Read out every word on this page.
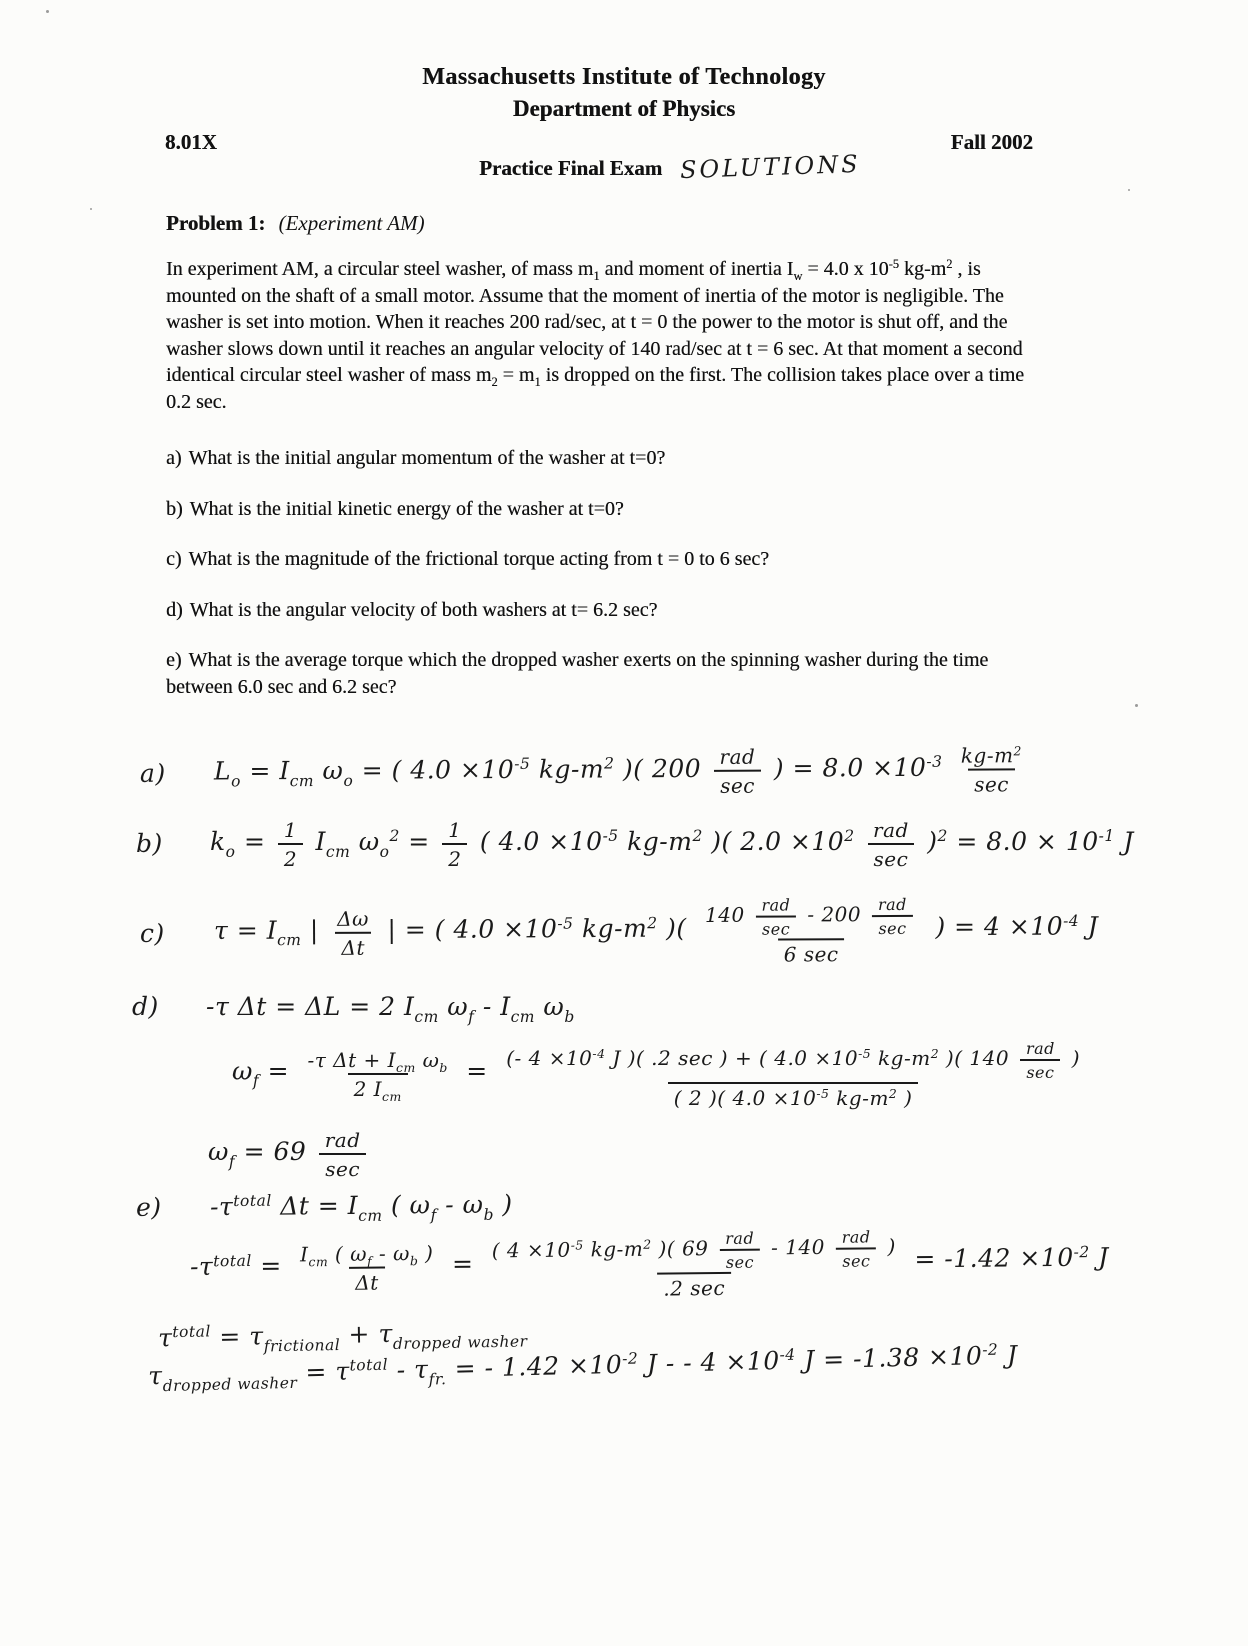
Massachusetts Institute of Technology
Department of Physics
8.01X	Fall 2002
Practice Final Exam SOLUTIONS
Problem 1: (Experiment AM)

In experiment AM, a circular steel washer, of mass $m_1$ and moment of inertia $I_w = 4.0$ x $10^{-5}$ $kg-m^2$ , is mounted on the shaft of a small motor. Assume that the moment of inertia of the motor is negligible. The washer is set into motion. When it reaches 200 rad/sec, at t = 0 the power to the motor is shut off, and the washer slows down until it reaches an angular velocity of 140 rad/sec at t = 6 sec. At that moment a second identical circular steel washer of mass $m_2 = m_1$ is dropped on the first. The collision takes place over a time 0.2 sec.

a) What is the initial angular momentum of the washer at t=0?

b) What is the initial kinetic energy of the washer at t=0?

c) What is the magnitude of the frictional torque acting from t = 0 to 6 sec?

d) What is the angular velocity of both washers at t= 6.2 sec?

e) What is the average torque which the dropped washer exerts on the spinning washer during the time between 6.0 sec and 6.2 sec?

a)	$L_o = I_{cm}$ $\omega_o$ = ( $4.0 \times 10^{-5}$ $kg-m^2$ )( $200 \frac{\text{rad}}{\sec}$ ) = $8.0 \times 10^{-3} \frac{kg-m^2}{\sec}$
b)	$k_o = \frac{1}{2} I_{cm}$ $\omega_o^2 = \frac{1}{2}$ ( $4.0 \times 10^{-5}$ $kg-m^2$ )( $2.0 \times 10^2 \frac{\text{rad}}{\sec} )^2 = 8.0 \times 10^{-1}$ J
c)	$\tau = I_{cm}$ | $\frac{\Delta\omega}{\Delta t}$ | = ( $4.0 \times 10^{-5}$ $kg-m^2$ )( $\frac{140 \frac{\text{rad}}{\sec} - 200 \frac{\text{rad}}{\sec}}{6 \sec}$ ) = $4 \times 10^{-4}$ J
d)	-τ Δt = ΔL = 2 $I_{cm}$ $\omega_f - I_{cm}$ $\omega_b$
$\omega_f = \frac{-\tau \Delta t + I_{cm} \omega_b}{2 I_{cm}} = \frac{(- 4 \times 10^{-4} J )( .2 \sec ) + ( 4.0 \times 10^{-5} kg-m^2 )( 140 \frac{\text{rad}}{\sec} )}{( 2 )( 4.0 \times 10^{-5} kg-m^2 )}$
$\omega_f = 69 \frac{\text{rad}}{\sec}$
e)	$-\tau^{total}$ $\Delta t = I_{cm}$ ( $\omega_f - \omega_b$ )
$-\tau^{total} = \frac{I_{cm} ( \omega_f - \omega_b )}{\Delta t} = \frac{( 4 \times 10^{-5} kg-m^2 )( 69 \frac{\text{rad}}{\sec} - 140 \frac{\text{rad}}{\sec} )}{.2 \sec} = -1.42 \times 10^{-2}$ J
$\tau^{total} = \tau_{frictional} + \tau_{dropped washer}$
$\tau_{dropped washer} = \tau^{total} - \tau_{fr.}$ = - $1.42 \times 10^{-2}$ J - - $4 \times 10^{-4}$ $J = -1.38 \times 10^{-2}$ J
